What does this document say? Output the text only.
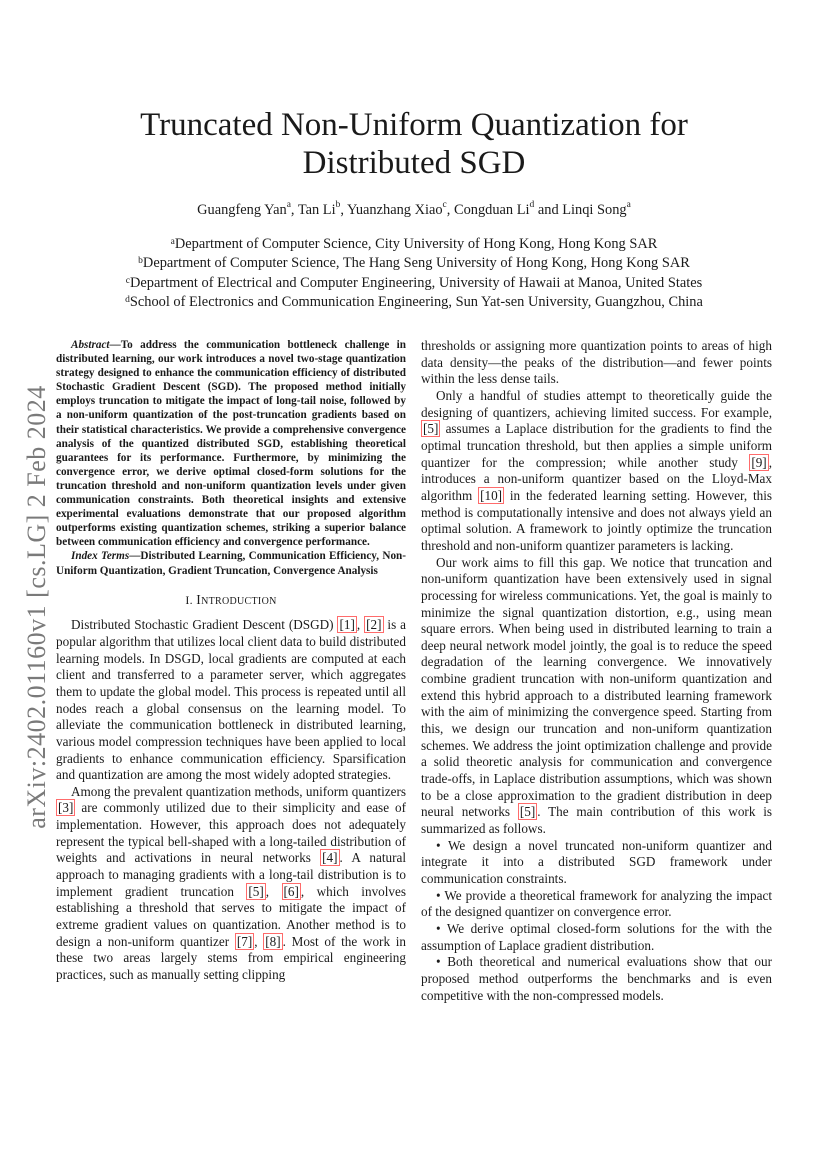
arXiv:2402.01160v1 [cs.LG] 2 Feb 2024
Truncated Non-Uniform Quantization for
Distributed SGD
Guangfeng Yan$^a$, Tan Li$^b$, Yuanzhang Xiao$^c$, Congduan Li$^d$ and Linqi Song$^a$
$^a$Department of Computer Science, City University of Hong Kong, Hong Kong SAR
$^b$Department of Computer Science, The Hang Seng University of Hong Kong, Hong Kong SAR
$^c$Department of Electrical and Computer Engineering, University of Hawaii at Manoa, United States
$^d$School of Electronics and Communication Engineering, Sun Yat-sen University, Guangzhou, China

Abstract—To address the communication bottleneck challenge in distributed learning, our work introduces a novel two-stage quantization strategy designed to enhance the communication efficiency of distributed Stochastic Gradient Descent (SGD). The proposed method initially employs truncation to mitigate the impact of long-tail noise, followed by a non-uniform quantization of the post-truncation gradients based on their statistical characteristics. We provide a comprehensive convergence analysis of the quantized distributed SGD, establishing theoretical guarantees for its performance. Furthermore, by minimizing the convergence error, we derive optimal closed-form solutions for the truncation threshold and non-uniform quantization levels under given communication constraints. Both theoretical insights and extensive experimental evaluations demonstrate that our proposed algorithm outperforms existing quantization schemes, striking a superior balance between communication efficiency and convergence performance.

Index Terms—Distributed Learning, Communication Efficiency, Non-Uniform Quantization, Gradient Truncation, Convergence Analysis

I. INTRODUCTION

Distributed Stochastic Gradient Descent (DSGD) [1] , [2] is a popular algorithm that utilizes local client data to build distributed learning models. In DSGD, local gradients are computed at each client and transferred to a parameter server, which aggregates them to update the global model. This process is repeated until all nodes reach a global consensus on the learning model. To alleviate the communication bottleneck in distributed learning, various model compression techniques have been applied to local gradients to enhance communication efficiency. Sparsification and quantization are among the most widely adopted strategies.

Among the prevalent quantization methods, uniform quantizers [3] are commonly utilized due to their simplicity and ease of implementation. However, this approach does not adequately represent the typical bell-shaped with a long-tailed distribution of weights and activations in neural networks [4] . A natural approach to managing gradients with a long-tail distribution is to implement gradient truncation [5] , [6] , which involves establishing a threshold that serves to mitigate the impact of extreme gradient values on quantization. Another method is to design a non-uniform quantizer [7] , [8] . Most of the work in these two areas largely stems from empirical engineering practices, such as manually setting clipping

thresholds or assigning more quantization points to areas of high data density—the peaks of the distribution—and fewer points within the less dense tails.

Only a handful of studies attempt to theoretically guide the designing of quantizers, achieving limited success. For example, [5] assumes a Laplace distribution for the gradients to find the optimal truncation threshold, but then applies a simple uniform quantizer for the compression; while another study [9] , introduces a non-uniform quantizer based on the Lloyd-Max algorithm [10] in the federated learning setting. However, this method is computationally intensive and does not always yield an optimal solution. A framework to jointly optimize the truncation threshold and non-uniform quantizer parameters is lacking.

Our work aims to fill this gap. We notice that truncation and non-uniform quantization have been extensively used in signal processing for wireless communications. Yet, the goal is mainly to minimize the signal quantization distortion, e.g., using mean square errors. When being used in distributed learning to train a deep neural network model jointly, the goal is to reduce the speed degradation of the learning convergence. We innovatively combine gradient truncation with non-uniform quantization and extend this hybrid approach to a distributed learning framework with the aim of minimizing the convergence speed. Starting from this, we design our truncation and non-uniform quantization schemes. We address the joint optimization challenge and provide a solid theoretic analysis for communication and convergence trade-offs, in Laplace distribution assumptions, which was shown to be a close approximation to the gradient distribution in deep neural networks [5] . The main contribution of this work is summarized as follows.

• We design a novel truncated non-uniform quantizer and integrate it into a distributed SGD framework under communication constraints.

• We provide a theoretical framework for analyzing the impact of the designed quantizer on convergence error.

• We derive optimal closed-form solutions for the with the assumption of Laplace gradient distribution.

• Both theoretical and numerical evaluations show that our proposed method outperforms the benchmarks and is even competitive with the non-compressed models.
